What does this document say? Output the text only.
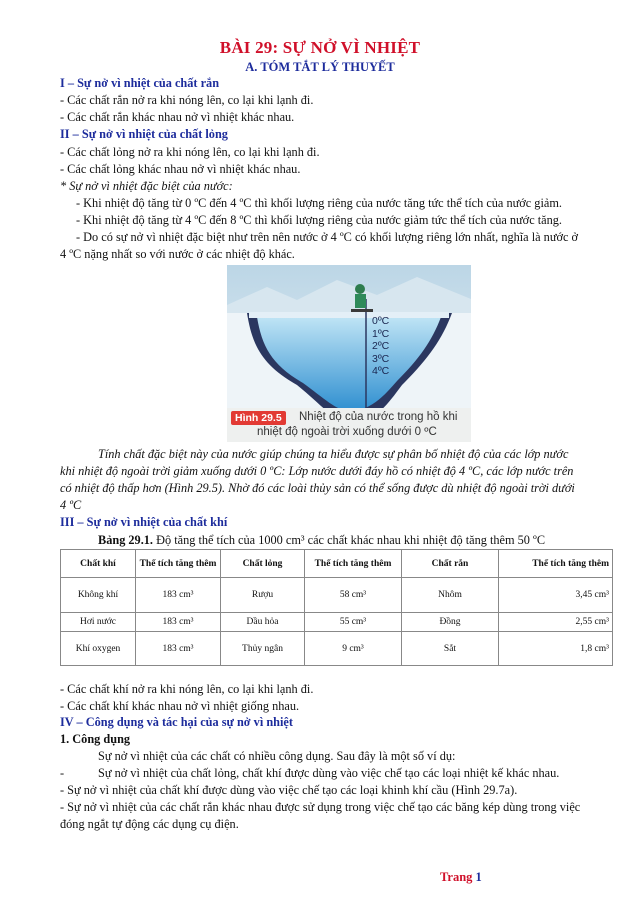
BÀI 29: SỰ NỞ VÌ NHIỆT
A. TÓM TẮT LÝ THUYẾT
I – Sự nở vì nhiệt của chất rắn
- Các chất rắn nở ra khi nóng lên, co lại khi lạnh đi.
- Các chất rắn khác nhau nở vì nhiệt khác nhau.
II – Sự nở vì nhiệt của chất lỏng
- Các chất lỏng nở ra khi nóng lên, co lại khi lạnh đi.
- Các chất lỏng khác nhau nở vì nhiệt khác nhau.
* Sự nở vì nhiệt đặc biệt của nước:
- Khi nhiệt độ tăng từ 0 ºC đến 4 ºC thì khối lượng riêng của nước tăng tức thể tích của nước giảm.
- Khi nhiệt độ tăng từ 4 ºC đến 8 ºC thì khối lượng riêng của nước giảm tức thể tích của nước tăng.
- Do có sự nở vì nhiệt đặc biệt như trên nên nước ở 4 ºC có khối lượng riêng lớn nhất, nghĩa là nước ở
4 ºC nặng nhất so với nước ở các nhiệt độ khác.
0ºC
1ºC
2ºC
3ºC
4ºC
Hình 29.5	Nhiệt độ của nước trong hồ khi
nhiệt độ ngoài trời xuống dưới 0 ºC
Tính chất đặc biệt này của nước giúp chúng ta hiểu được sự phân bố nhiệt độ của các lớp nước
khi nhiệt độ ngoài trời giảm xuống dưới 0 ºC: Lớp nước dưới đáy hồ có nhiệt độ 4 ºC, các lớp nước trên
có nhiệt độ thấp hơn (Hình 29.5). Nhờ đó các loài thủy sản có thể sống được dù nhiệt độ ngoài trời dưới
4 ºC
III – Sự nở vì nhiệt của chất khí
Bảng 29.1. Độ tăng thể tích của 1000 cm³ các chất khác nhau khi nhiệt độ tăng thêm 50 ºC
Chất khí	Thể tích tăng thêm	Chất lỏng	Thể tích tăng thêm	Chất rắn	Thể tích tăng thêm
Không khí	183 cm³	Rượu	58 cm³	Nhôm	3,45 cm³
Hơi nước	183 cm³	Dầu hỏa	55 cm³	Đồng	2,55 cm³
Khí oxygen	183 cm³	Thủy ngân	9 cm³	Sắt	1,8 cm³
- Các chất khí nở ra khi nóng lên, co lại khi lạnh đi.
- Các chất khí khác nhau nở vì nhiệt giống nhau.
IV – Công dụng và tác hại của sự nở vì nhiệt
1. Công dụng
Sự nở vì nhiệt của các chất có nhiều công dụng. Sau đây là một số ví dụ:
-	Sự nở vì nhiệt của chất lỏng, chất khí được dùng vào việc chế tạo các loại nhiệt kế khác nhau.
- Sự nở vì nhiệt của chất khí được dùng vào việc chế tạo các loại khinh khí cầu (Hình 29.7a).
- Sự nở vì nhiệt của các chất rắn khác nhau được sử dụng trong việc chế tạo các băng kép dùng trong việc
đóng ngắt tự động các dụng cụ điện.
Trang 1
